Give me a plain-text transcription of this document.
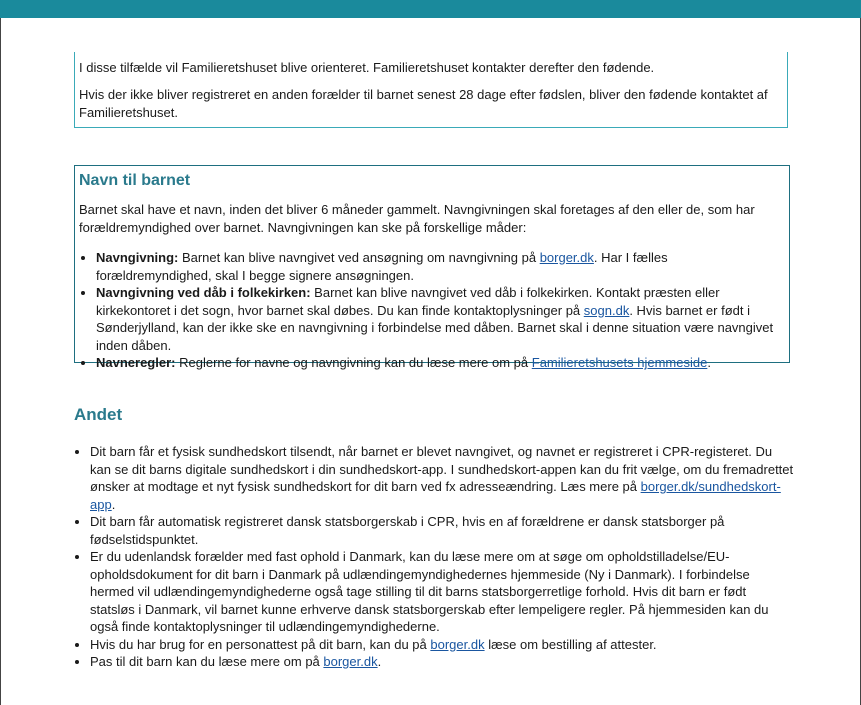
I disse tilfælde vil Familieretshuset blive orienteret. Familieretshuset kontakter derefter den fødende.

Hvis der ikke bliver registreret en anden forælder til barnet senest 28 dage efter fødslen, bliver den fødende kontaktet af Familieretshuset.

Navn til barnet

Barnet skal have et navn, inden det bliver 6 måneder gammelt. Navngivningen skal foretages af den eller de, som har forældremyndighed over barnet. Navngivningen kan ske på forskellige måder:

• Navngivning: Barnet kan blive navngivet ved ansøgning om navngivning på borger.dk. Har I fælles forældremyndighed, skal I begge signere ansøgningen.
• Navngivning ved dåb i folkekirken: Barnet kan blive navngivet ved dåb i folkekirken. Kontakt præsten eller kirkekontoret i det sogn, hvor barnet skal døbes. Du kan finde kontaktoplysninger på sogn.dk. Hvis barnet er født i Sønderjylland, kan der ikke ske en navngivning i forbindelse med dåben. Barnet skal i denne situation være navngivet inden dåben.
• Navneregler: Reglerne for navne og navngivning kan du læse mere om på Familieretshusets hjemmeside.
Andet
• Dit barn får et fysisk sundhedskort tilsendt, når barnet er blevet navngivet, og navnet er registreret i CPR-registeret. Du kan se dit barns digitale sundhedskort i din sundhedskort-app. I sundhedskort-appen kan du frit vælge, om du fremadrettet ønsker at modtage et nyt fysisk sundhedskort for dit barn ved fx adresseændring. Læs mere på borger.dk/sundhedskort-app.
• Dit barn får automatisk registreret dansk statsborgerskab i CPR, hvis en af forældrene er dansk statsborger på fødselstidspunktet.
• Er du udenlandsk forælder med fast ophold i Danmark, kan du læse mere om at søge om opholdstilladelse/EU-opholdsdokument for dit barn i Danmark på udlændingemyndighedernes hjemmeside (Ny i Danmark). I forbindelse hermed vil udlændingemyndighederne også tage stilling til dit barns statsborgerretlige forhold. Hvis dit barn er født statsløs i Danmark, vil barnet kunne erhverve dansk statsborgerskab efter lempeligere regler. På hjemmesiden kan du også finde kontaktoplysninger til udlændingemyndighederne.
• Hvis du har brug for en personattest på dit barn, kan du på borger.dk læse om bestilling af attester.
• Pas til dit barn kan du læse mere om på borger.dk.
